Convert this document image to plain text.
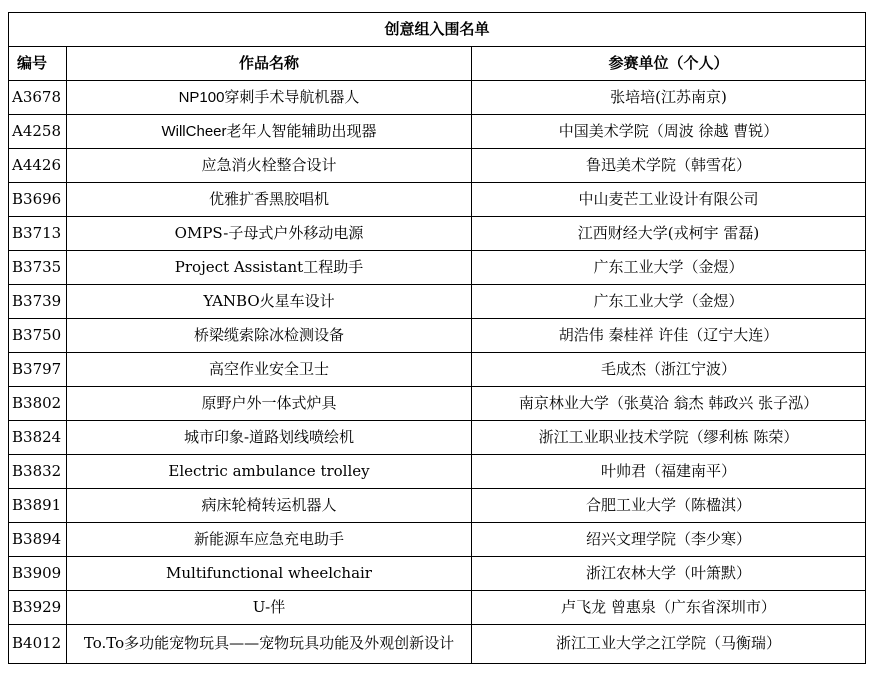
创意组入围名单		
编号	作品名称	参赛单位（个人）
A3678	NP100穿刺手术导航机器人	张培培(江苏南京)
A4258	WillCheer老年人智能辅助出现器	中国美术学院（周波 徐越 曹锐）
A4426	应急消火栓整合设计	鲁迅美术学院（韩雪花）
B3696	优雅扩香黑胶唱机	中山麦芒工业设计有限公司
B3713	OMPS-子母式户外移动电源	江西财经大学(戎柯宇 雷磊)
B3735	Project Assistant工程助手	广东工业大学（金煜）
B3739	YANBO火星车设计	广东工业大学（金煜）
B3750	桥梁缆索除冰检测设备	胡浩伟 秦桂祥 许佳（辽宁大连）
B3797	高空作业安全卫士	毛成杰（浙江宁波）
B3802	原野户外一体式炉具	南京林业大学（张莫洽 翁杰 韩政兴 张子泓）
B3824	城市印象-道路划线喷绘机	浙江工业职业技术学院（缪利栋 陈荣）
B3832	Electric ambulance trolley	叶帅君（福建南平）
B3891	病床轮椅转运机器人	合肥工业大学（陈楹淇）
B3894	新能源车应急充电助手	绍兴文理学院（李少寒）
B3909	Multifunctional wheelchair	浙江农林大学（叶箫默）
B3929	U-伴	卢飞龙 曾惠泉（广东省深圳市）
B4012	To.To多功能宠物玩具——宠物玩具功能及外观创新设计	浙江工业大学之江学院（马衡瑞）
